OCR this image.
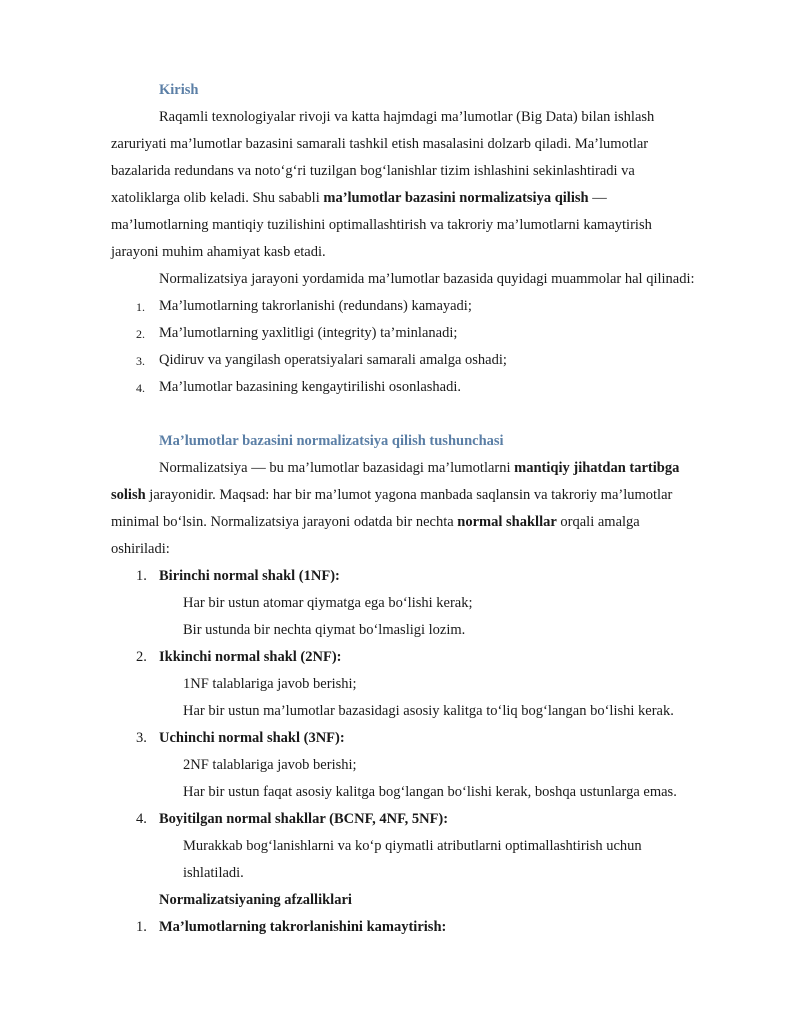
Kirish
Raqamli texnologiyalar rivoji va katta hajmdagi ma’lumotlar (Big Data) bilan ishlash
zaruriyati ma’lumotlar bazasini samarali tashkil etish masalasini dolzarb qiladi. Ma’lumotlar
bazalarida redundans va noto‘g‘ri tuzilgan bog‘lanishlar tizim ishlashini sekinlashtiradi va
xatoliklarga olib keladi. Shu sababli ma’lumotlar bazasini normalizatsiya qilish —
ma’lumotlarning mantiqiy tuzilishini optimallashtirish va takroriy ma’lumotlarni kamaytirish
jarayoni muhim ahamiyat kasb etadi.
Normalizatsiya jarayoni yordamida ma’lumotlar bazasida quyidagi muammolar hal qilinadi:
1. Ma’lumotlarning takrorlanishi (redundans) kamayadi;
2. Ma’lumotlarning yaxlitligi (integrity) ta’minlanadi;
3. Qidiruv va yangilash operatsiyalari samarali amalga oshadi;
4. Ma’lumotlar bazasining kengaytirilishi osonlashadi.
Ma’lumotlar bazasini normalizatsiya qilish tushunchasi
Normalizatsiya — bu ma’lumotlar bazasidagi ma’lumotlarni mantiqiy jihatdan tartibga
solish jarayonidir. Maqsad: har bir ma’lumot yagona manbada saqlansin va takroriy ma’lumotlar
minimal bo‘lsin. Normalizatsiya jarayoni odatda bir nechta normal shakllar orqali amalga
oshiriladi:
1. Birinchi normal shakl (1NF):
Har bir ustun atomar qiymatga ega bo‘lishi kerak;
Bir ustunda bir nechta qiymat bo‘lmasligi lozim.
2. Ikkinchi normal shakl (2NF):
1NF talablariga javob berishi;
Har bir ustun ma’lumotlar bazasidagi asosiy kalitga to‘liq bog‘langan bo‘lishi kerak.
3. Uchinchi normal shakl (3NF):
2NF talablariga javob berishi;
Har bir ustun faqat asosiy kalitga bog‘langan bo‘lishi kerak, boshqa ustunlarga emas.
4. Boyitilgan normal shakllar (BCNF, 4NF, 5NF):
Murakkab bog‘lanishlarni va ko‘p qiymatli atributlarni optimallashtirish uchun
ishlatiladi.
Normalizatsiyaning afzalliklari
1. Ma’lumotlarning takrorlanishini kamaytirish:
